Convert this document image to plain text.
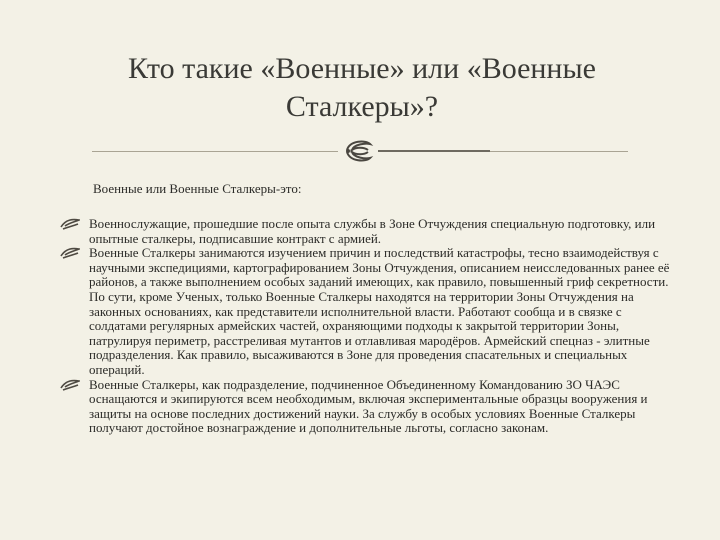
Кто такие «Военные» или «Военные
Сталкеры»?
Военные или Военные Сталкеры-это:
Военнослужащие, прошедшие после опыта службы в Зоне Отчуждения специальную подготовку, или опытные сталкеры, подписавшие контракт с армией.
Военные Сталкеры занимаются изучением причин и последствий катастрофы, тесно взаимодействуя с научными экспедициями, картографированием Зоны Отчуждения, описанием неисследованных ранее её районов, а также выполнением особых заданий имеющих, как правило, повышенный гриф секретности. По сути, кроме Ученых, только Военные Сталкеры находятся на территории Зоны Отчуждения на законных основаниях, как представители исполнительной власти. Работают сообща и в связке с солдатами регулярных армейских частей, охраняющими подходы к закрытой территории Зоны, патрулируя периметр, расстреливая мутантов и отлавливая мародёров. Армейский спецназ - элитные подразделения. Как правило, высаживаются в Зоне для проведения спасательных и специальных операций.
Военные Сталкеры, как подразделение, подчиненное Объединенному Командованию ЗО ЧАЭС оснащаются и экипируются всем необходимым, включая экспериментальные образцы вооружения и защиты на основе последних достижений науки. За службу в особых условиях Военные Сталкеры получают достойное вознаграждение и дополнительные льготы, согласно законам.
